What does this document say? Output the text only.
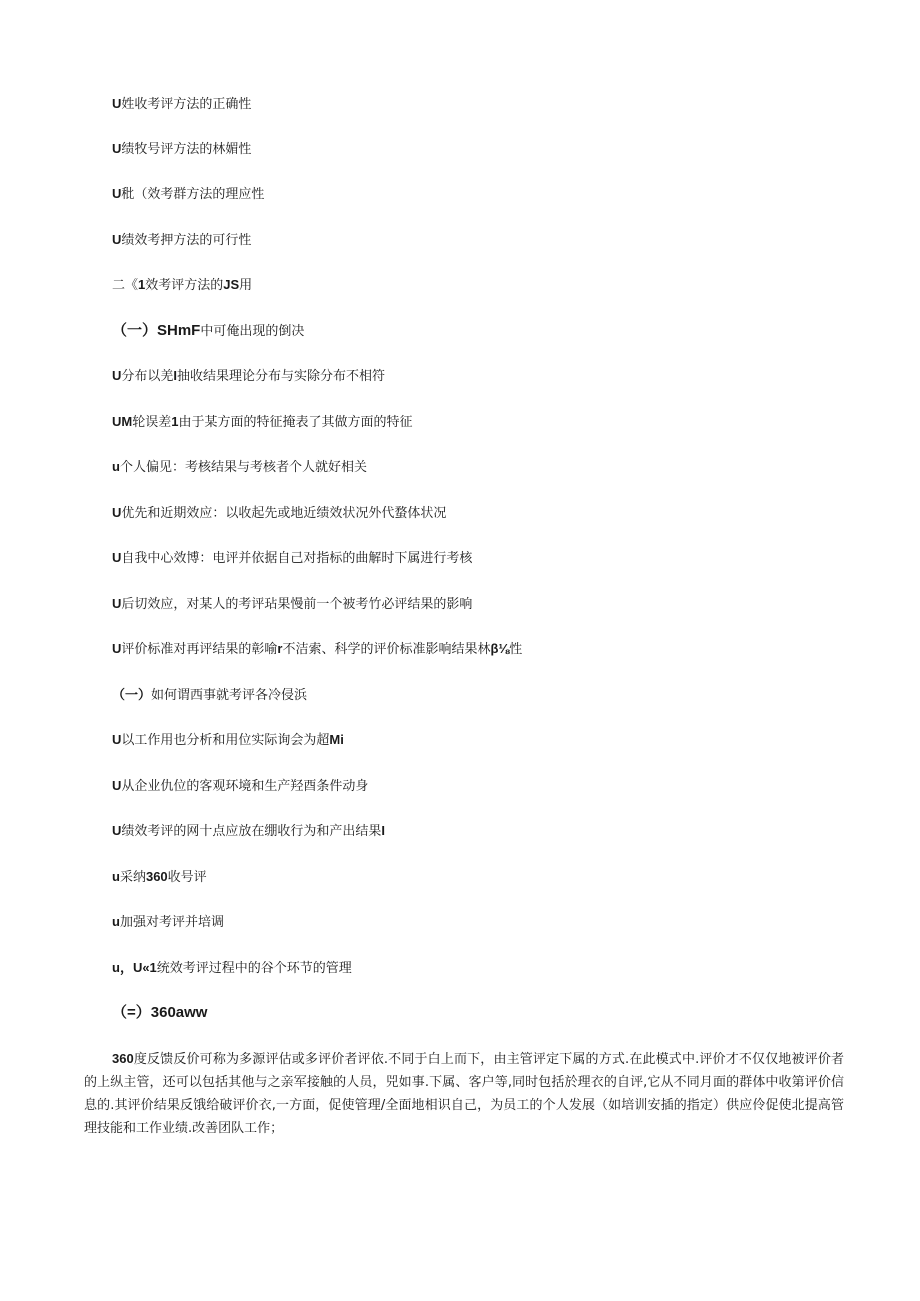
U姓收考评方法的正确性
U绩牧号评方法的林媚性
U秕（效考群方法的理应性
U绩效考押方法的可行性
二《1效考评方法的JS用
（一）SHmF中可俺出现的倒决
U分布以羌I抽收结果理论分布与实除分布不相符
UM轮误差1由于某方面的特征掩表了其做方面的特征
u个人偏见：考核结果与考核者个人就好相关
U优先和近期效应：以收起先或地近绩效状况外代蝥体状况
U自我中心效博：电评并依据自己对指标的曲解时下属进行考核
U后切效应，对某人的考评玷果慢前一个被考竹必评结果的影响
U评价标准对再评结果的彰喻r不洁索、科学的评价标准影响结果林β⅛性
（一）如何谓西事就考评各冷侵浜
U以工作用也分析和用位实际询会为超Mi
U从企业仇位的客观环境和生产羟酉条件动身
U绩效考评的网十点应放在绷收行为和产出结果I
u采纳360收号评
u加强对考评并培调
u，U«1统效考评过程中的谷个环节的管理
（=）360aww
360度反馈反价可称为多源评估或多评价者评依.不同于白上而下，由主管评定下属的方式.在此模式中.评价才不仅仅地被评价者的上纵主管，还可以包括其他与之亲军接触的人员，兕如事.下属、客户等,同时包括於理衣的自评,它从不同月面的群体中收第评价信息的.其评价结果反饿给破评价衣,一方面，促使管理/全面地相识自己，为员工的个人发展（如培训安插的指定）供应伶促使北提高管理技能和工作业绩.改善团队工作；
